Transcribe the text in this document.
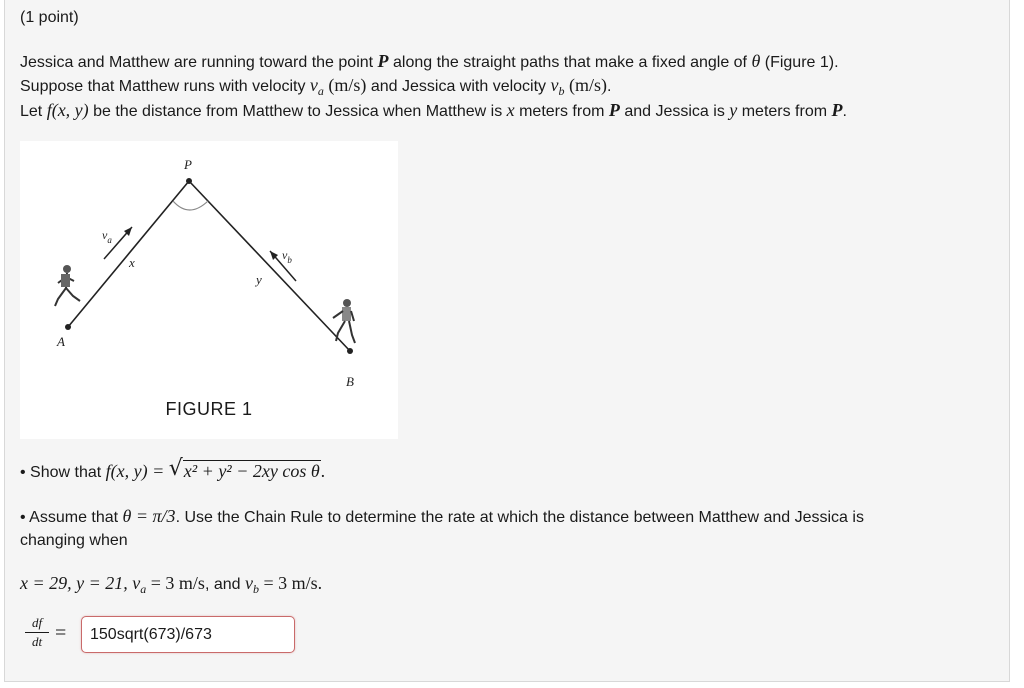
(1 point)
Jessica and Matthew are running toward the point P along the straight paths that make a fixed angle of θ (Figure 1).
Suppose that Matthew runs with velocity $v_a$ (m/s) and Jessica with velocity $v_b$ (m/s).
Let f(x, y) be the distance from Matthew to Jessica when Matthew is x meters from P and Jessica is y meters from P.
P
A
B
x
y
$v_a$
$v_b$
FIGURE 1
• Show that f(x, y) = √ x² + y² − 2xy cos θ.
• Assume that θ = π/3. Use the Chain Rule to determine the rate at which the distance between Matthew and Jessica is
changing when
x = 29, y = 21, $v_a = 3$ m/s, and $v_b = 3$ m/s.
$\frac{df}{dt}$ =
150sqrt(673)/673
